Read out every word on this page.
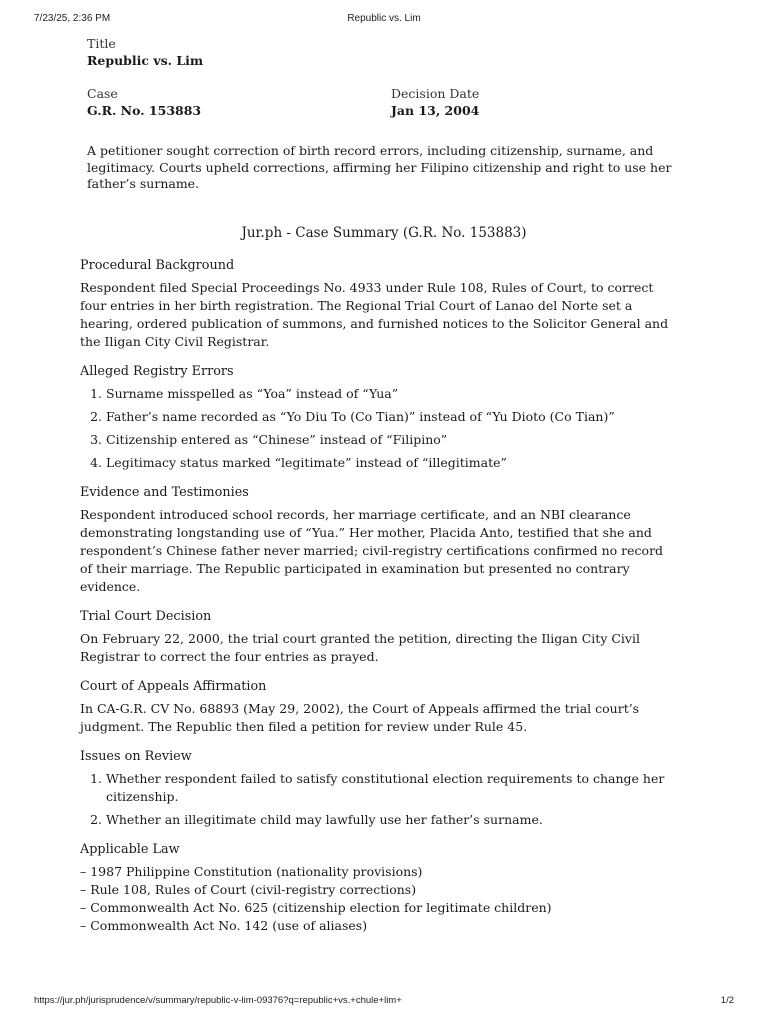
7/23/25, 2:36 PM	Republic vs. Lim
Title
Republic vs. Lim
Case
G.R. No. 153883
Decision Date
Jan 13, 2004
A petitioner sought correction of birth record errors, including citizenship, surname, and legitimacy. Courts upheld corrections, affirming her Filipino citizenship and right to use her father’s surname.
Jur.ph - Case Summary (G.R. No. 153883)
Procedural Background
Respondent filed Special Proceedings No. 4933 under Rule 108, Rules of Court, to correct four entries in her birth registration. The Regional Trial Court of Lanao del Norte set a hearing, ordered publication of summons, and furnished notices to the Solicitor General and the Iligan City Civil Registrar.
Alleged Registry Errors
1. Surname misspelled as “Yoa” instead of “Yua”
2. Father’s name recorded as “Yo Diu To (Co Tian)” instead of “Yu Dioto (Co Tian)”
3. Citizenship entered as “Chinese” instead of “Filipino”
4. Legitimacy status marked “legitimate” instead of “illegitimate”
Evidence and Testimonies
Respondent introduced school records, her marriage certificate, and an NBI clearance demonstrating longstanding use of “Yua.” Her mother, Placida Anto, testified that she and respondent’s Chinese father never married; civil-registry certifications confirmed no record of their marriage. The Republic participated in examination but presented no contrary evidence.
Trial Court Decision
On February 22, 2000, the trial court granted the petition, directing the Iligan City Civil Registrar to correct the four entries as prayed.
Court of Appeals Affirmation
In CA-G.R. CV No. 68893 (May 29, 2002), the Court of Appeals affirmed the trial court’s judgment. The Republic then filed a petition for review under Rule 45.
Issues on Review
1. Whether respondent failed to satisfy constitutional election requirements to change her citizenship.
2. Whether an illegitimate child may lawfully use her father’s surname.
Applicable Law
– 1987 Philippine Constitution (nationality provisions)
– Rule 108, Rules of Court (civil-registry corrections)
– Commonwealth Act No. 625 (citizenship election for legitimate children)
– Commonwealth Act No. 142 (use of aliases)
https://jur.ph/jurisprudence/v/summary/republic-v-lim-09376?q=republic+vs.+chule+lim+	1/2
